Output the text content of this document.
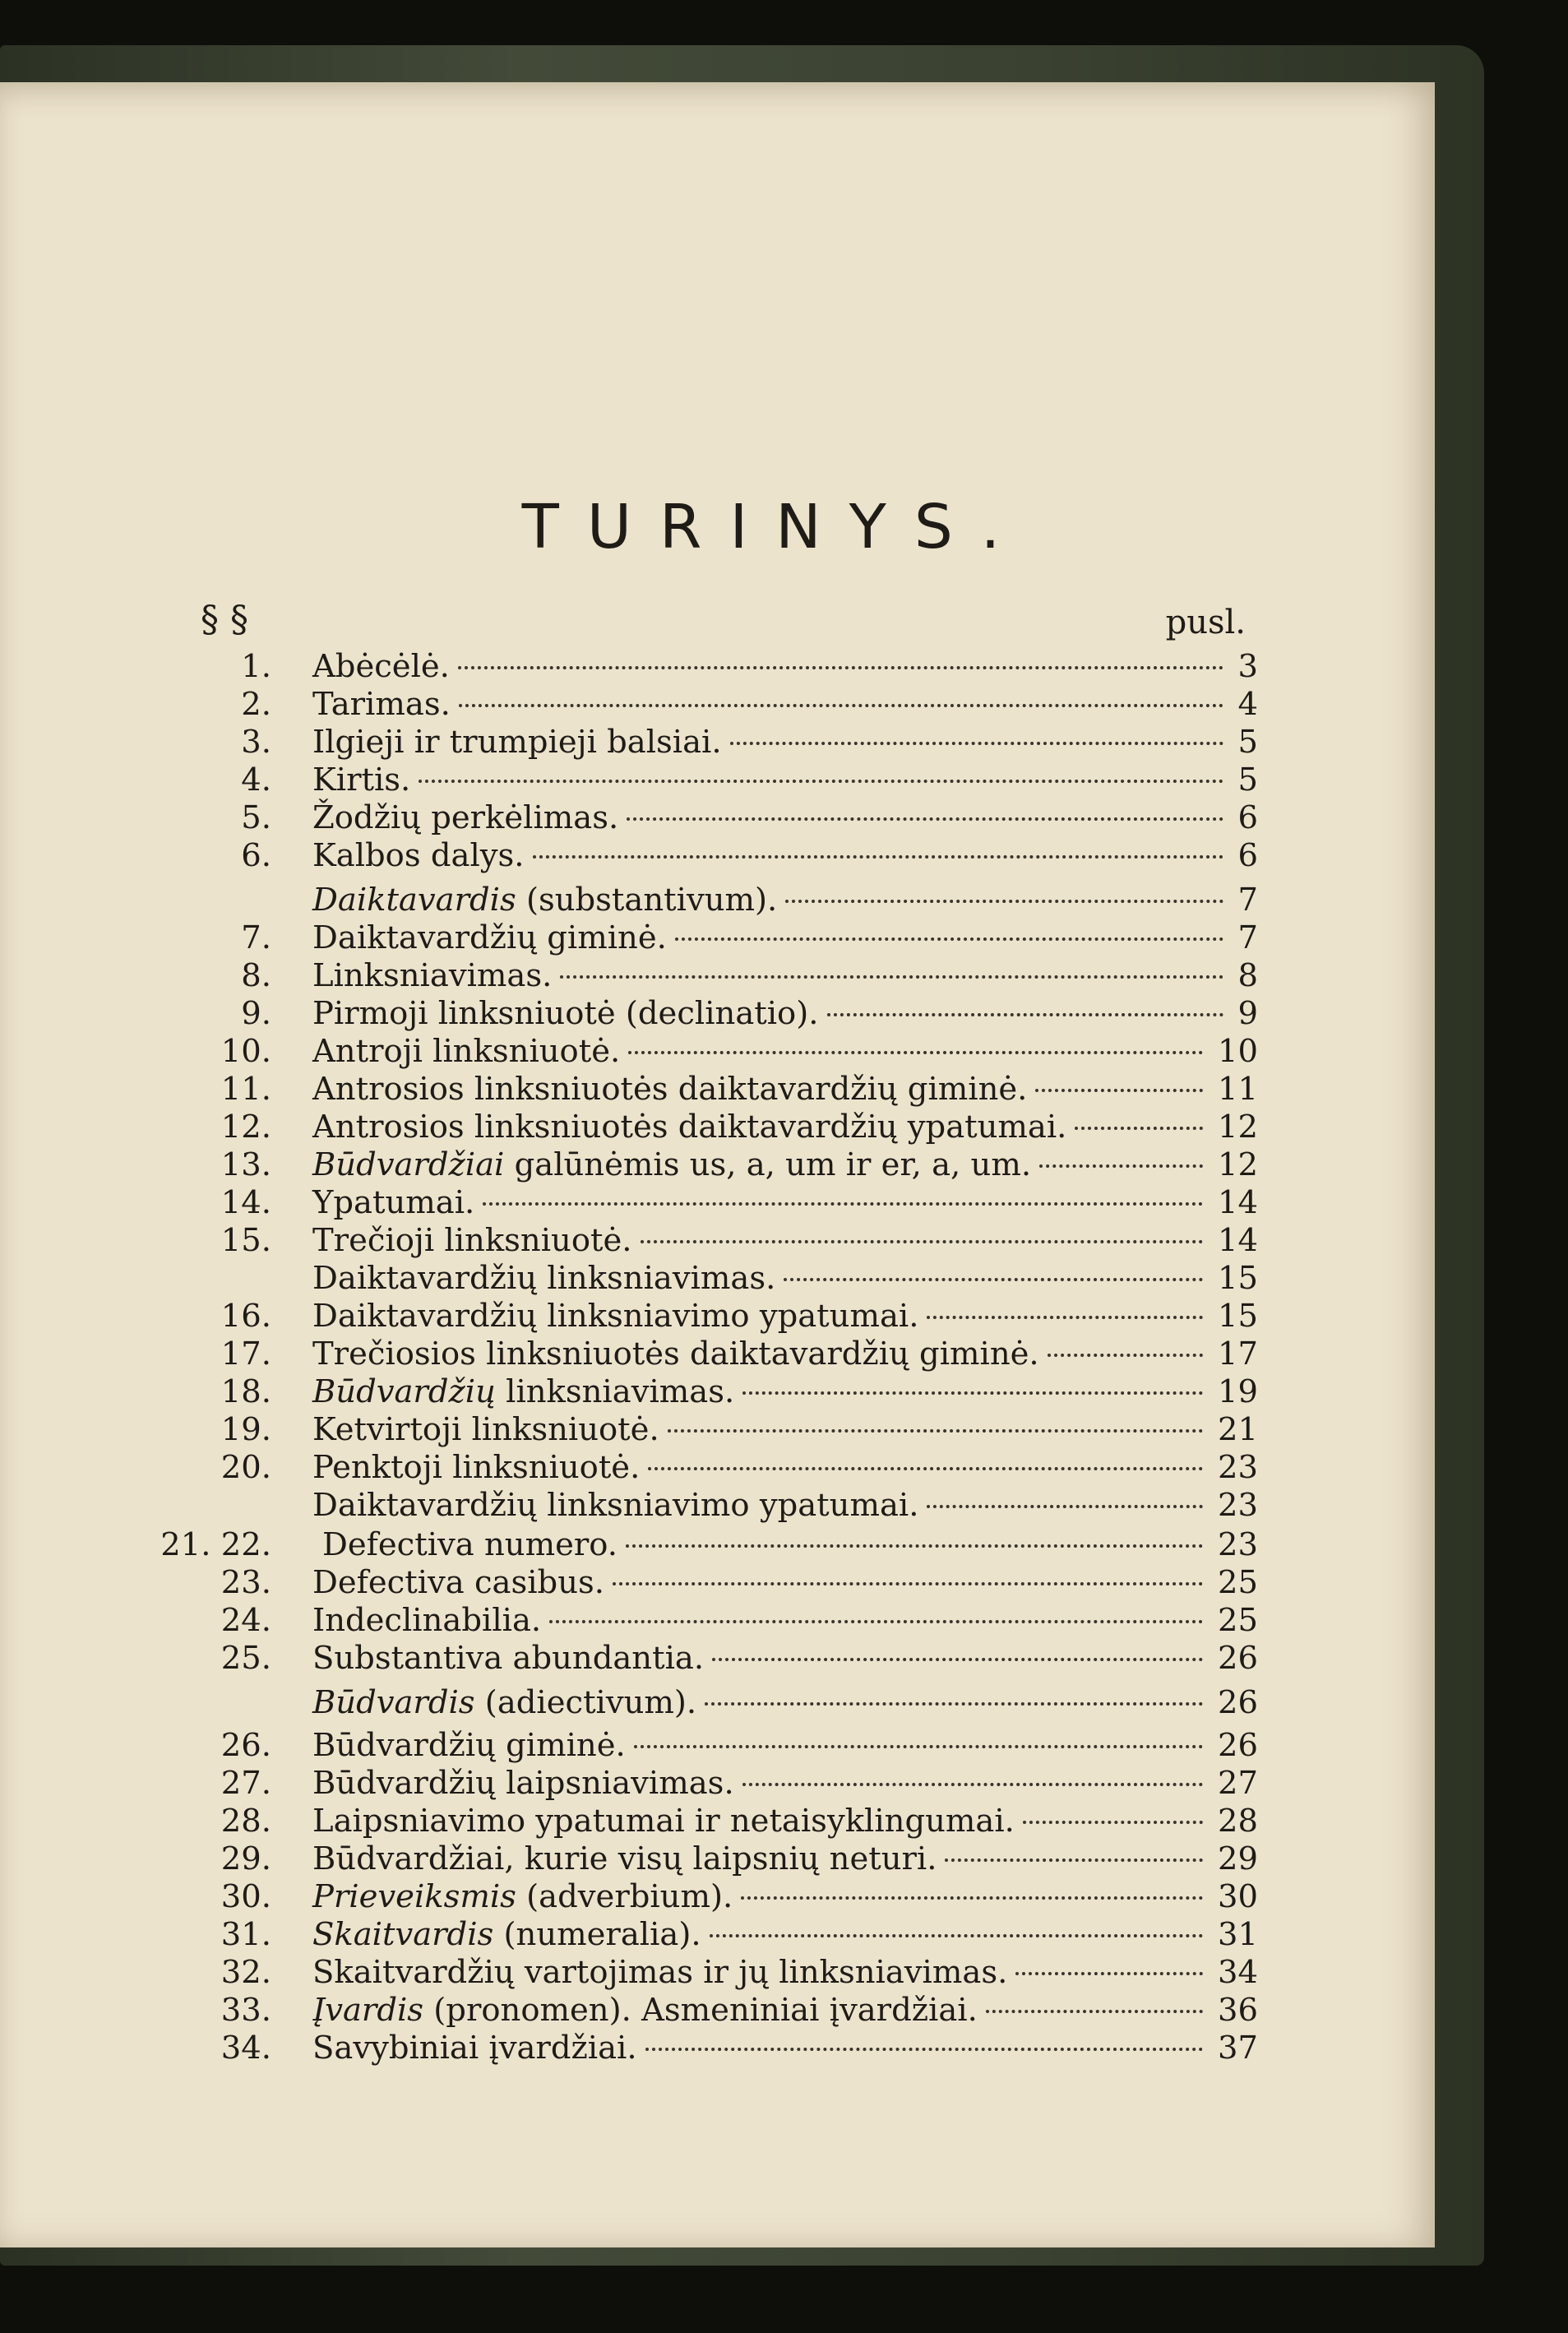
TURINYS.
§ §	pusl.
1. Abėcėlė.	3
2. Tarimas.	4
3. Ilgieji ir trumpieji balsiai.	5
4. Kirtis.	5
5. Žodžių perkėlimas.	6
6. Kalbos dalys.	6
Daiktavardis (substantivum).	7
7. Daiktavardžių giminė.	7
8. Linksniavimas.	8
9. Pirmoji linksniuotė (declinatio).	9
10. Antroji linksniuotė.	10
11. Antrosios linksniuotės daiktavardžių giminė.	11
12. Antrosios linksniuotės daiktavardžių ypatumai.	12
13. Būdvardžiai galūnėmis us, a, um ir er, a, um.	12
14. Ypatumai.	14
15. Trečioji linksniuotė.	14
Daiktavardžių linksniavimas.	15
16. Daiktavardžių linksniavimo ypatumai.	15
17. Trečiosios linksniuotės daiktavardžių giminė.	17
18. Būdvardžių linksniavimas.	19
19. Ketvirtoji linksniuotė.	21
20. Penktoji linksniuotė.	23
Daiktavardžių linksniavimo ypatumai.	23
21. 22. Defectiva numero.	23
23. Defectiva casibus.	25
24. Indeclinabilia.	25
25. Substantiva abundantia.	26
Būdvardis (adiectivum).	26
26. Būdvardžių giminė.	26
27. Būdvardžių laipsniavimas.	27
28. Laipsniavimo ypatumai ir netaisyklingumai.	28
29. Būdvardžiai, kurie visų laipsnių neturi.	29
30. Prieveiksmis (adverbium).	30
31. Skaitvardis (numeralia).	31
32. Skaitvardžių vartojimas ir jų linksniavimas.	34
33. Įvardis (pronomen). Asmeniniai įvardžiai.	36
34. Savybiniai įvardžiai.	37
